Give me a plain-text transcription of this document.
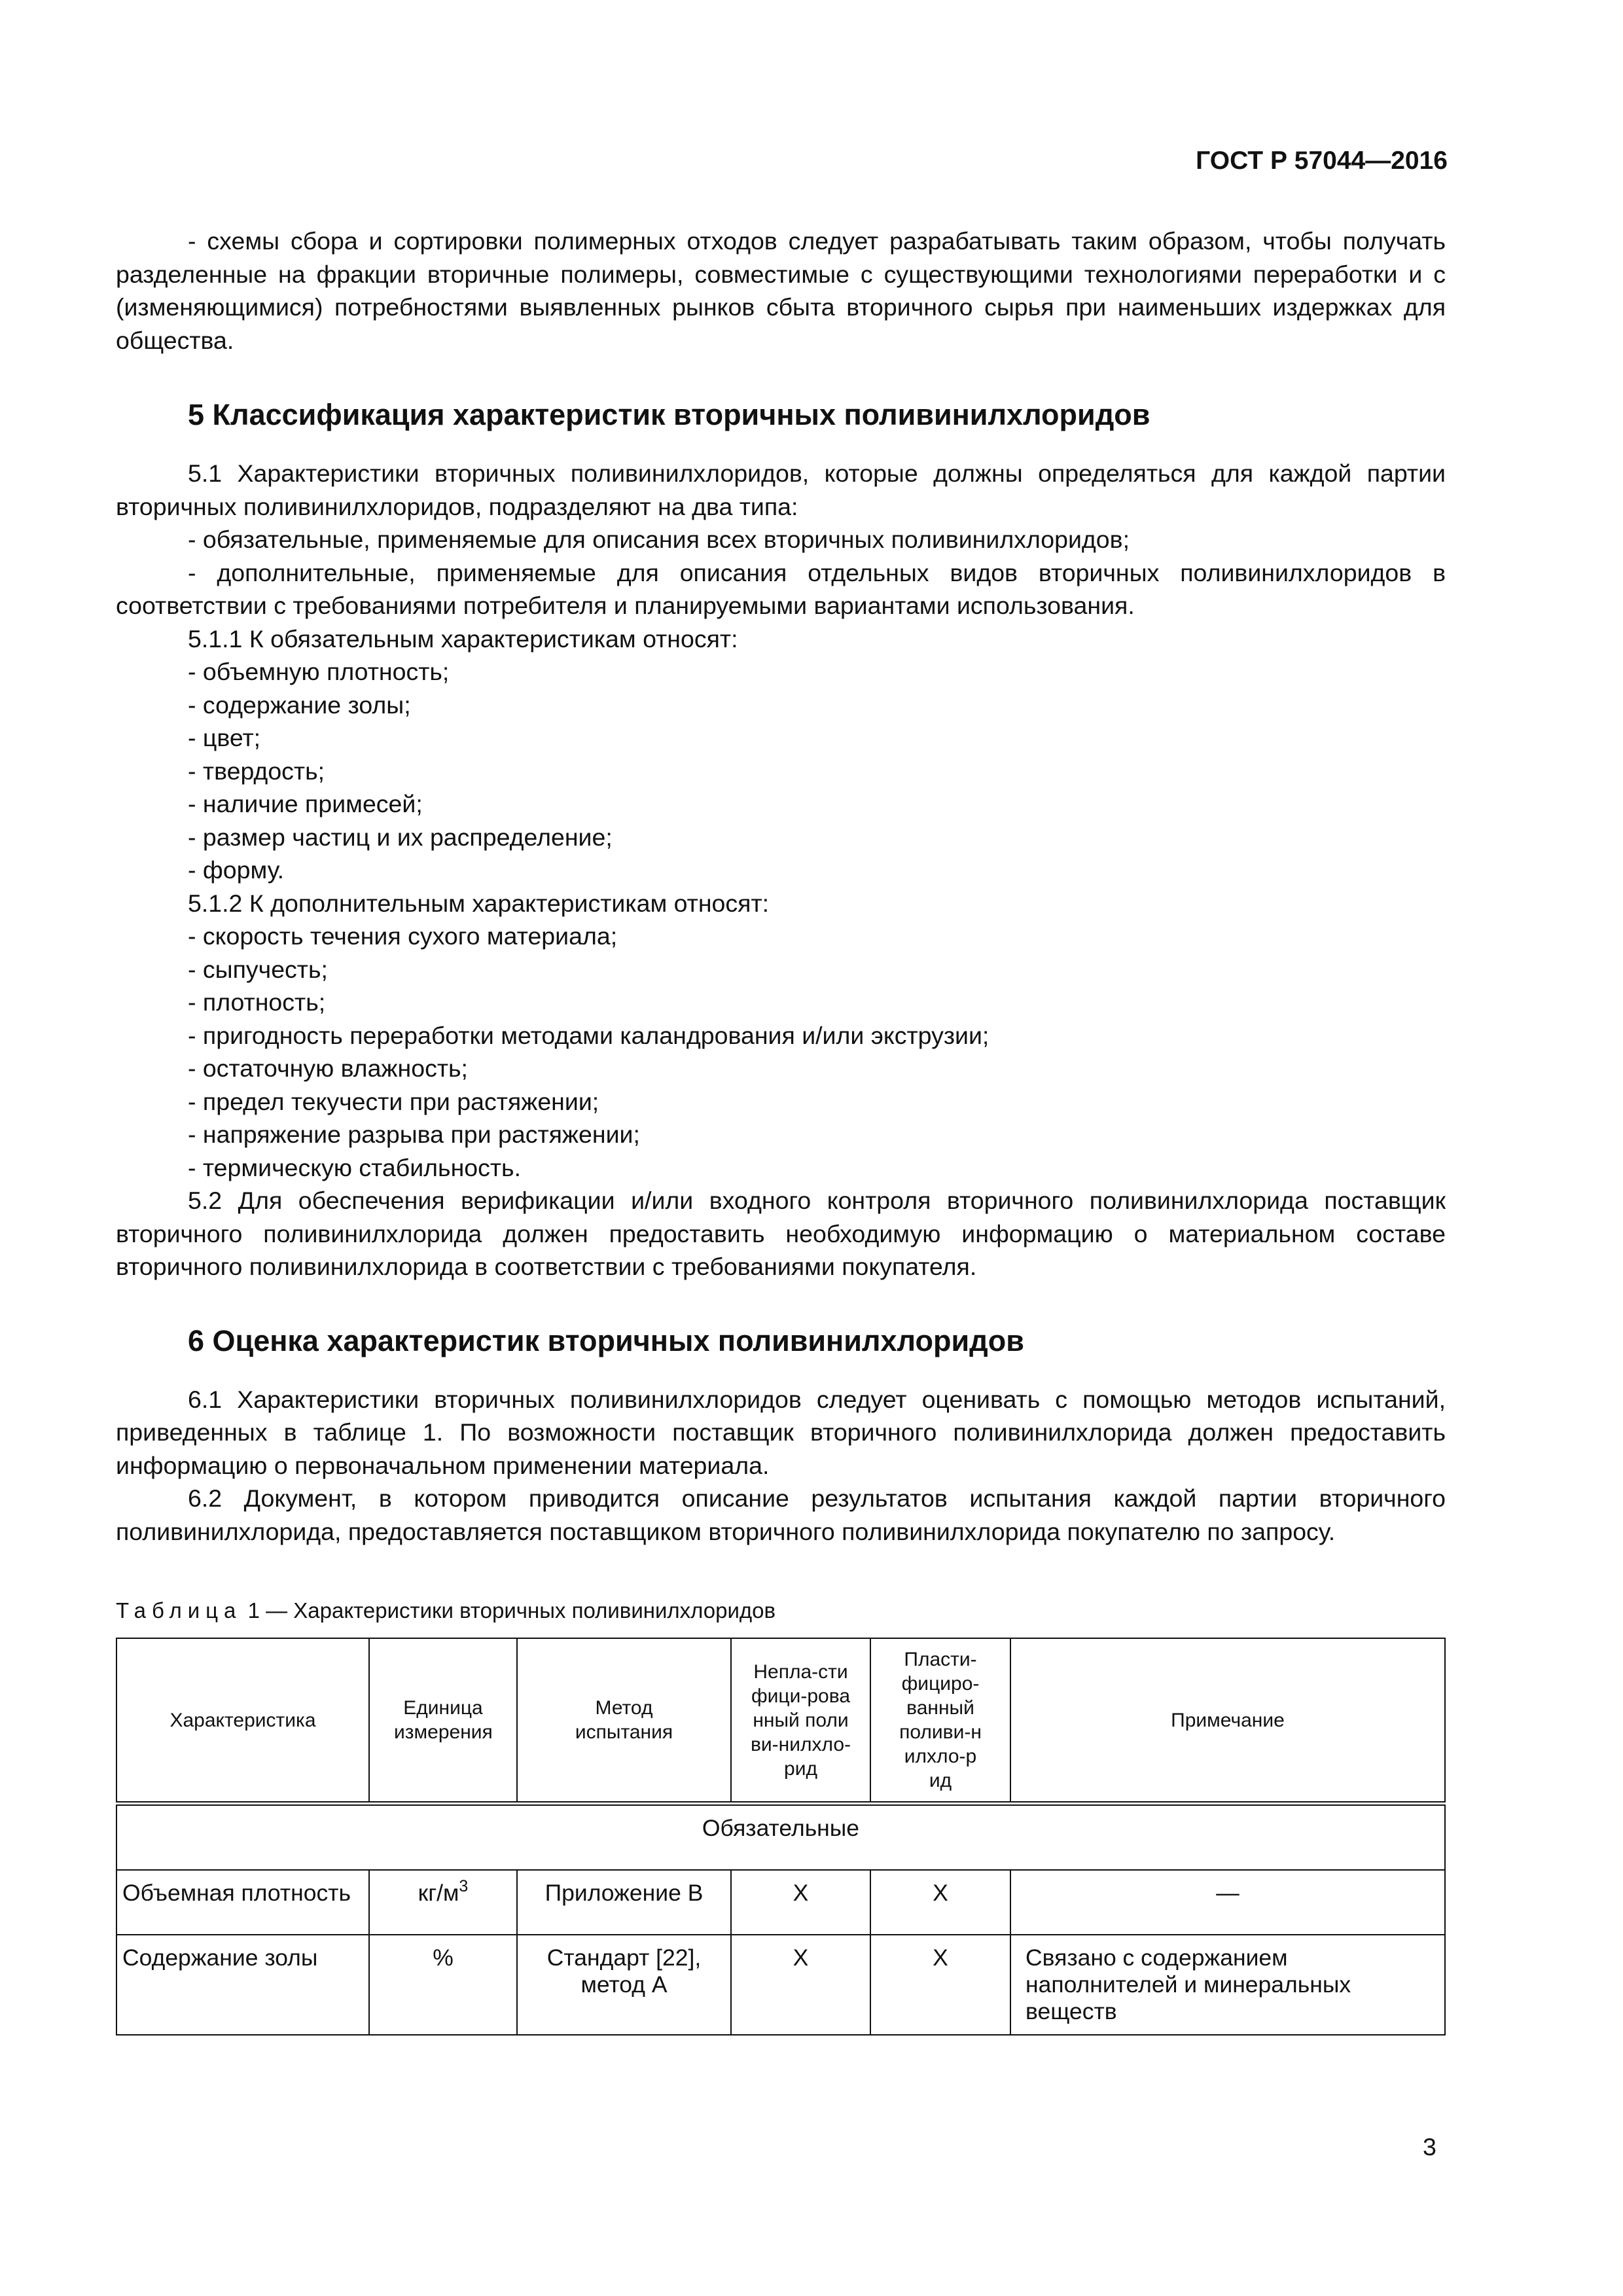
ГОСТ Р 57044—2016

- схемы сбора и сортировки полимерных отходов следует разрабатывать таким образом, чтобы получать разделенные на фракции вторичные полимеры, совместимые с существующими технологиями переработки и с (изменяющимися) потребностями выявленных рынков сбыта вторичного сырья при наименьших издержках для общества.

5 Классификация характеристик вторичных поливинилхлоридов

5.1 Характеристики вторичных поливинилхлоридов, которые должны определяться для каждой партии вторичных поливинилхлоридов, подразделяют на два типа:

- обязательные, применяемые для описания всех вторичных поливинилхлоридов;

- дополнительные, применяемые для описания отдельных видов вторичных поливинилхлоридов в соответствии с требованиями потребителя и планируемыми вариантами использования.

5.1.1 К обязательным характеристикам относят:

- объемную плотность;

- содержание золы;

- цвет;

- твердость;

- наличие примесей;

- размер частиц и их распределение;

- форму.

5.1.2 К дополнительным характеристикам относят:

- скорость течения сухого материала;

- сыпучесть;

- плотность;

- пригодность переработки методами каландрования и/или экструзии;

- остаточную влажность;

- предел текучести при растяжении;

- напряжение разрыва при растяжении;

- термическую стабильность.

5.2 Для обеспечения верификации и/или входного контроля вторичного поливинилхлорида поставщик вторичного поливинилхлорида должен предоставить необходимую информацию о материальном составе вторичного поливинилхлорида в соответствии с требованиями покупателя.

6 Оценка характеристик вторичных поливинилхлоридов

6.1 Характеристики вторичных поливинилхлоридов следует оценивать с помощью методов испытаний, приведенных в таблице 1. По возможности поставщик вторичного поливинилхлорида должен предоставить информацию о первоначальном применении материала.

6.2 Документ, в котором приводится описание результатов испытания каждой партии вторичного поливинилхлорида, предоставляется поставщиком вторичного поливинилхлорида покупателю по запросу.

Таблица 1 — Характеристики вторичных поливинилхлоридов

Характеристика	Единица измерения	Метод испытания	Непла-стифици-рованный поливи-нилхло-рид	Пласти-фициро-ванный поливи-нилхло-рид	Примечание
Обязательные					
Объемная плотность	$кг/м^3$	Приложение В	Х	Х	—
Содержание золы	%	Стандарт [22], метод А	Х	Х	Связано с содержанием наполнителей и минеральных веществ
3
